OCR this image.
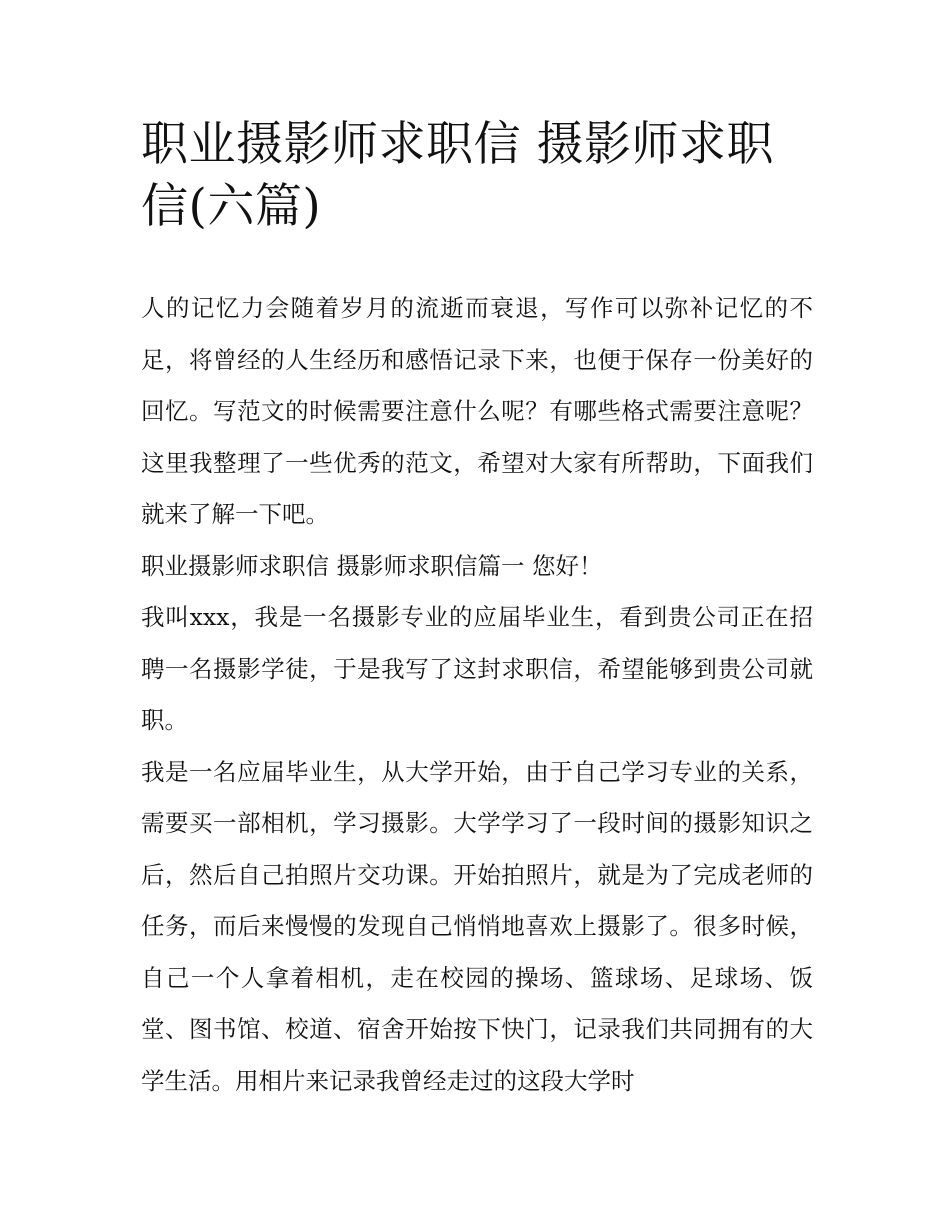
职业摄影师求职信 摄影师求职信(六篇)

人的记忆力会随着岁月的流逝而衰退，写作可以弥补记忆的不足，将曾经的人生经历和感悟记录下来，也便于保存一份美好的回忆。写范文的时候需要注意什么呢？有哪些格式需要注意呢？这里我整理了一些优秀的范文，希望对大家有所帮助，下面我们就来了解一下吧。

职业摄影师求职信 摄影师求职信篇一 您好！

我叫xxx，我是一名摄影专业的应届毕业生，看到贵公司正在招聘一名摄影学徒，于是我写了这封求职信，希望能够到贵公司就职。

我是一名应届毕业生，从大学开始，由于自己学习专业的关系，需要买一部相机，学习摄影。大学学习了一段时间的摄影知识之后，然后自己拍照片交功课。开始拍照片，就是为了完成老师的任务，而后来慢慢的发现自己悄悄地喜欢上摄影了。很多时候，自己一个人拿着相机，走在校园的操场、篮球场、足球场、饭堂、图书馆、校道、宿舍开始按下快门，记录我们共同拥有的大学生活。用相片来记录我曾经走过的这段大学时
